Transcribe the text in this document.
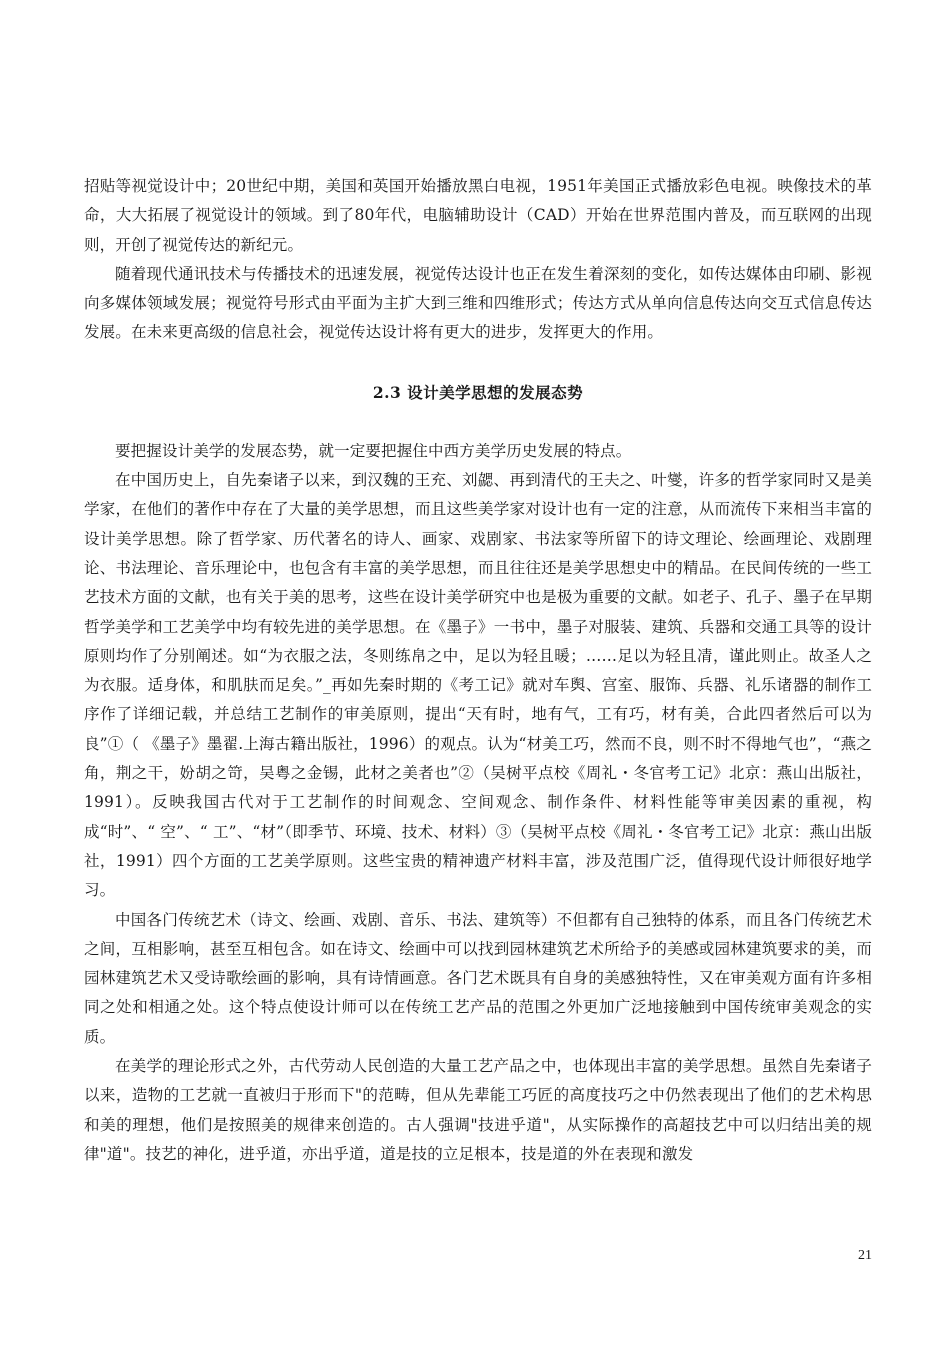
招贴等视觉设计中；20世纪中期，美国和英国开始播放黑白电视，1951年美国正式播放彩色电视。映像技术的革命，大大拓展了视觉设计的领域。到了80年代，电脑辅助设计（CAD）开始在世界范围内普及，而互联网的出现则，开创了视觉传达的新纪元。

随着现代通讯技术与传播技术的迅速发展，视觉传达设计也正在发生着深刻的变化，如传达媒体由印刷、影视向多媒体领域发展；视觉符号形式由平面为主扩大到三维和四维形式；传达方式从单向信息传达向交互式信息传达发展。在未来更高级的信息社会，视觉传达设计将有更大的进步，发挥更大的作用。

2.3 设计美学思想的发展态势

要把握设计美学的发展态势，就一定要把握住中西方美学历史发展的特点。

在中国历史上，自先秦诸子以来，到汉魏的王充、刘勰、再到清代的王夫之、叶燮，许多的哲学家同时又是美学家，在他们的著作中存在了大量的美学思想，而且这些美学家对设计也有一定的注意，从而流传下来相当丰富的设计美学思想。除了哲学家、历代著名的诗人、画家、戏剧家、书法家等所留下的诗文理论、绘画理论、戏剧理论、书法理论、音乐理论中，也包含有丰富的美学思想，而且往往还是美学思想史中的精品。在民间传统的一些工艺技术方面的文献，也有关于美的思考，这些在设计美学研究中也是极为重要的文献。如老子、孔子、墨子在早期哲学美学和工艺美学中均有较先进的美学思想。在《墨子》一书中，墨子对服装、建筑、兵器和交通工具等的设计原则均作了分别阐述。如“为衣服之法，冬则练帛之中，足以为轻且暖；……足以为轻且凊，谨此则止。故圣人之为衣服。适身体，和肌肤而足矣。”_再如先秦时期的《考工记》就对车舆、宫室、服饰、兵器、礼乐诸器的制作工序作了详细记载，并总结工艺制作的审美原则，提出“天有时，地有气，工有巧，材有美，合此四者然后可以为良”①（ 《墨子》墨翟.上海古籍出版社，1996）的观点。认为“材美工巧，然而不良，则不时不得地气也”，“燕之角，荆之干，妢胡之笴，吴粤之金锡，此材之美者也”②（吴树平点校《周礼・冬官考工记》北京：燕山出版社，1991）。反映我国古代对于工艺制作的时间观念、空间观念、制作条件、材料性能等审美因素的重视，构成“时”、“ 空”、“ 工”、“材”（即季节、环境、技术、材料）③（吴树平点校《周礼・冬官考工记》北京：燕山出版社，1991）四个方面的工艺美学原则。这些宝贵的精神遗产材料丰富，涉及范围广泛，值得现代设计师很好地学习。

中国各门传统艺术（诗文、绘画、戏剧、音乐、书法、建筑等）不但都有自己独特的体系，而且各门传统艺术之间，互相影响，甚至互相包含。如在诗文、绘画中可以找到园林建筑艺术所给予的美感或园林建筑要求的美，而园林建筑艺术又受诗歌绘画的影响，具有诗情画意。各门艺术既具有自身的美感独特性，又在审美观方面有许多相同之处和相通之处。这个特点使设计师可以在传统工艺产品的范围之外更加广泛地接触到中国传统审美观念的实质。

在美学的理论形式之外，古代劳动人民创造的大量工艺产品之中，也体现出丰富的美学思想。虽然自先秦诸子以来，造物的工艺就一直被归于形而下"的范畴，但从先辈能工巧匠的高度技巧之中仍然表现出了他们的艺术构思和美的理想，他们是按照美的规律来创造的。古人强调"技进乎道"，从实际操作的高超技艺中可以归结出美的规律"道"。技艺的神化，进乎道，亦出乎道，道是技的立足根本，技是道的外在表现和激发

21
